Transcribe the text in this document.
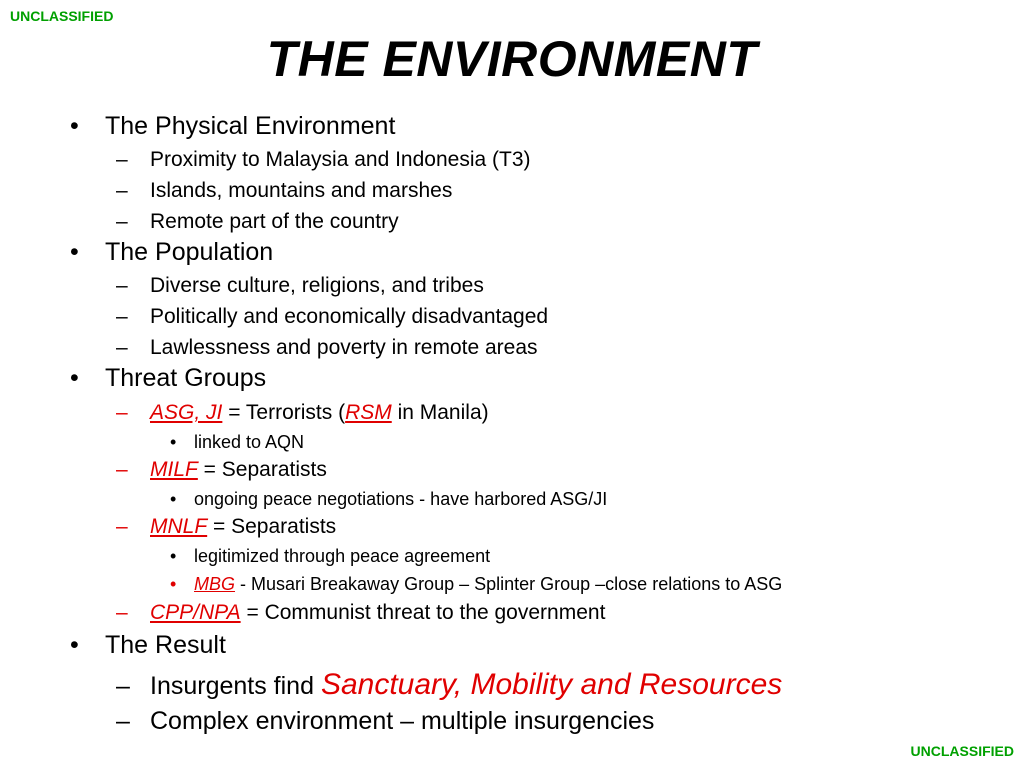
UNCLASSIFIED
THE ENVIRONMENT
• The Physical Environment
– Proximity to Malaysia and Indonesia (T3)
– Islands, mountains and marshes
– Remote part of the country
• The Population
– Diverse culture, religions, and tribes
– Politically and economically disadvantaged
– Lawlessness and poverty in remote areas
• Threat Groups
– ASG, JI = Terrorists (RSM in Manila)
• linked to AQN
– MILF = Separatists
• ongoing peace negotiations - have harbored ASG/JI
– MNLF = Separatists
• legitimized through peace agreement
• MBG - Musari Breakaway Group – Splinter Group –close relations to ASG
– CPP/NPA = Communist threat to the government
• The Result
– Insurgents find Sanctuary, Mobility and Resources
– Complex environment – multiple insurgencies
UNCLASSIFIED
